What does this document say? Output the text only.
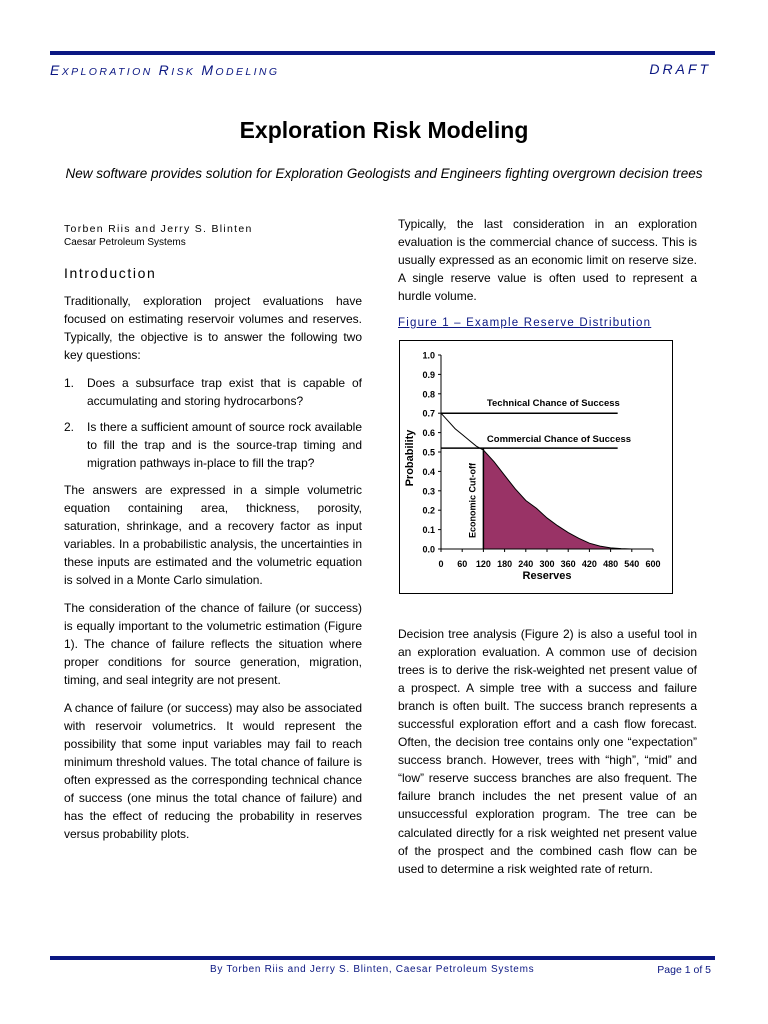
EXPLORATION RISK MODELING	DRAFT
Exploration Risk Modeling
New software provides solution for Exploration Geologists and Engineers fighting overgrown decision trees
Torben Riis and Jerry S. Blinten
Caesar Petroleum Systems
Introduction

Traditionally, exploration project evaluations have focused on estimating reservoir volumes and reserves. Typically, the objective is to answer the following two key questions:

1.	Does a subsurface trap exist that is capable of accumulating and storing hydrocarbons?
2.	Is there a sufficient amount of source rock available to fill the trap and is the source-trap timing and migration pathways in-place to fill the trap?

The answers are expressed in a simple volumetric equation containing area, thickness, porosity, saturation, shrinkage, and a recovery factor as input variables. In a probabilistic analysis, the uncertainties in these inputs are estimated and the volumetric equation is solved in a Monte Carlo simulation.

The consideration of the chance of failure (or success) is equally important to the volumetric estimation (Figure 1). The chance of failure reflects the situation where proper conditions for source generation, migration, timing, and seal integrity are not present.

A chance of failure (or success) may also be associated with reservoir volumetrics. It would represent the possibility that some input variables may fail to reach minimum threshold values. The total chance of failure is often expressed as the corresponding technical chance of success (one minus the total chance of failure) and has the effect of reducing the probability in reserves versus probability plots.

Typically, the last consideration in an exploration evaluation is the commercial chance of success. This is usually expressed as an economic limit on reserve size. A single reserve value is often used to represent a hurdle volume.

Figure 1 – Example Reserve Distribution
0.0
0.1
0.2
0.3
0.4
0.5
0.6
0.7
0.8
0.9
1.0
0 60 120 180 240 300 360 420 480 540 600
Reserves
Probability
Technical Chance of Success
Commercial Chance of Success
Economic Cut-off

Decision tree analysis (Figure 2) is also a useful tool in an exploration evaluation. A common use of decision trees is to derive the risk-weighted net present value of a prospect. A simple tree with a success and failure branch is often built. The success branch represents a successful exploration effort and a cash flow forecast. Often, the decision tree contains only one “expectation” success branch. However, trees with “high”, “mid” and “low” reserve success branches are also frequent. The failure branch includes the net present value of an unsuccessful exploration program. The tree can be calculated directly for a risk weighted net present value of the prospect and the combined cash flow can be used to determine a risk weighted rate of return.

By Torben Riis and Jerry S. Blinten, Caesar Petroleum Systems	Page 1 of 5
